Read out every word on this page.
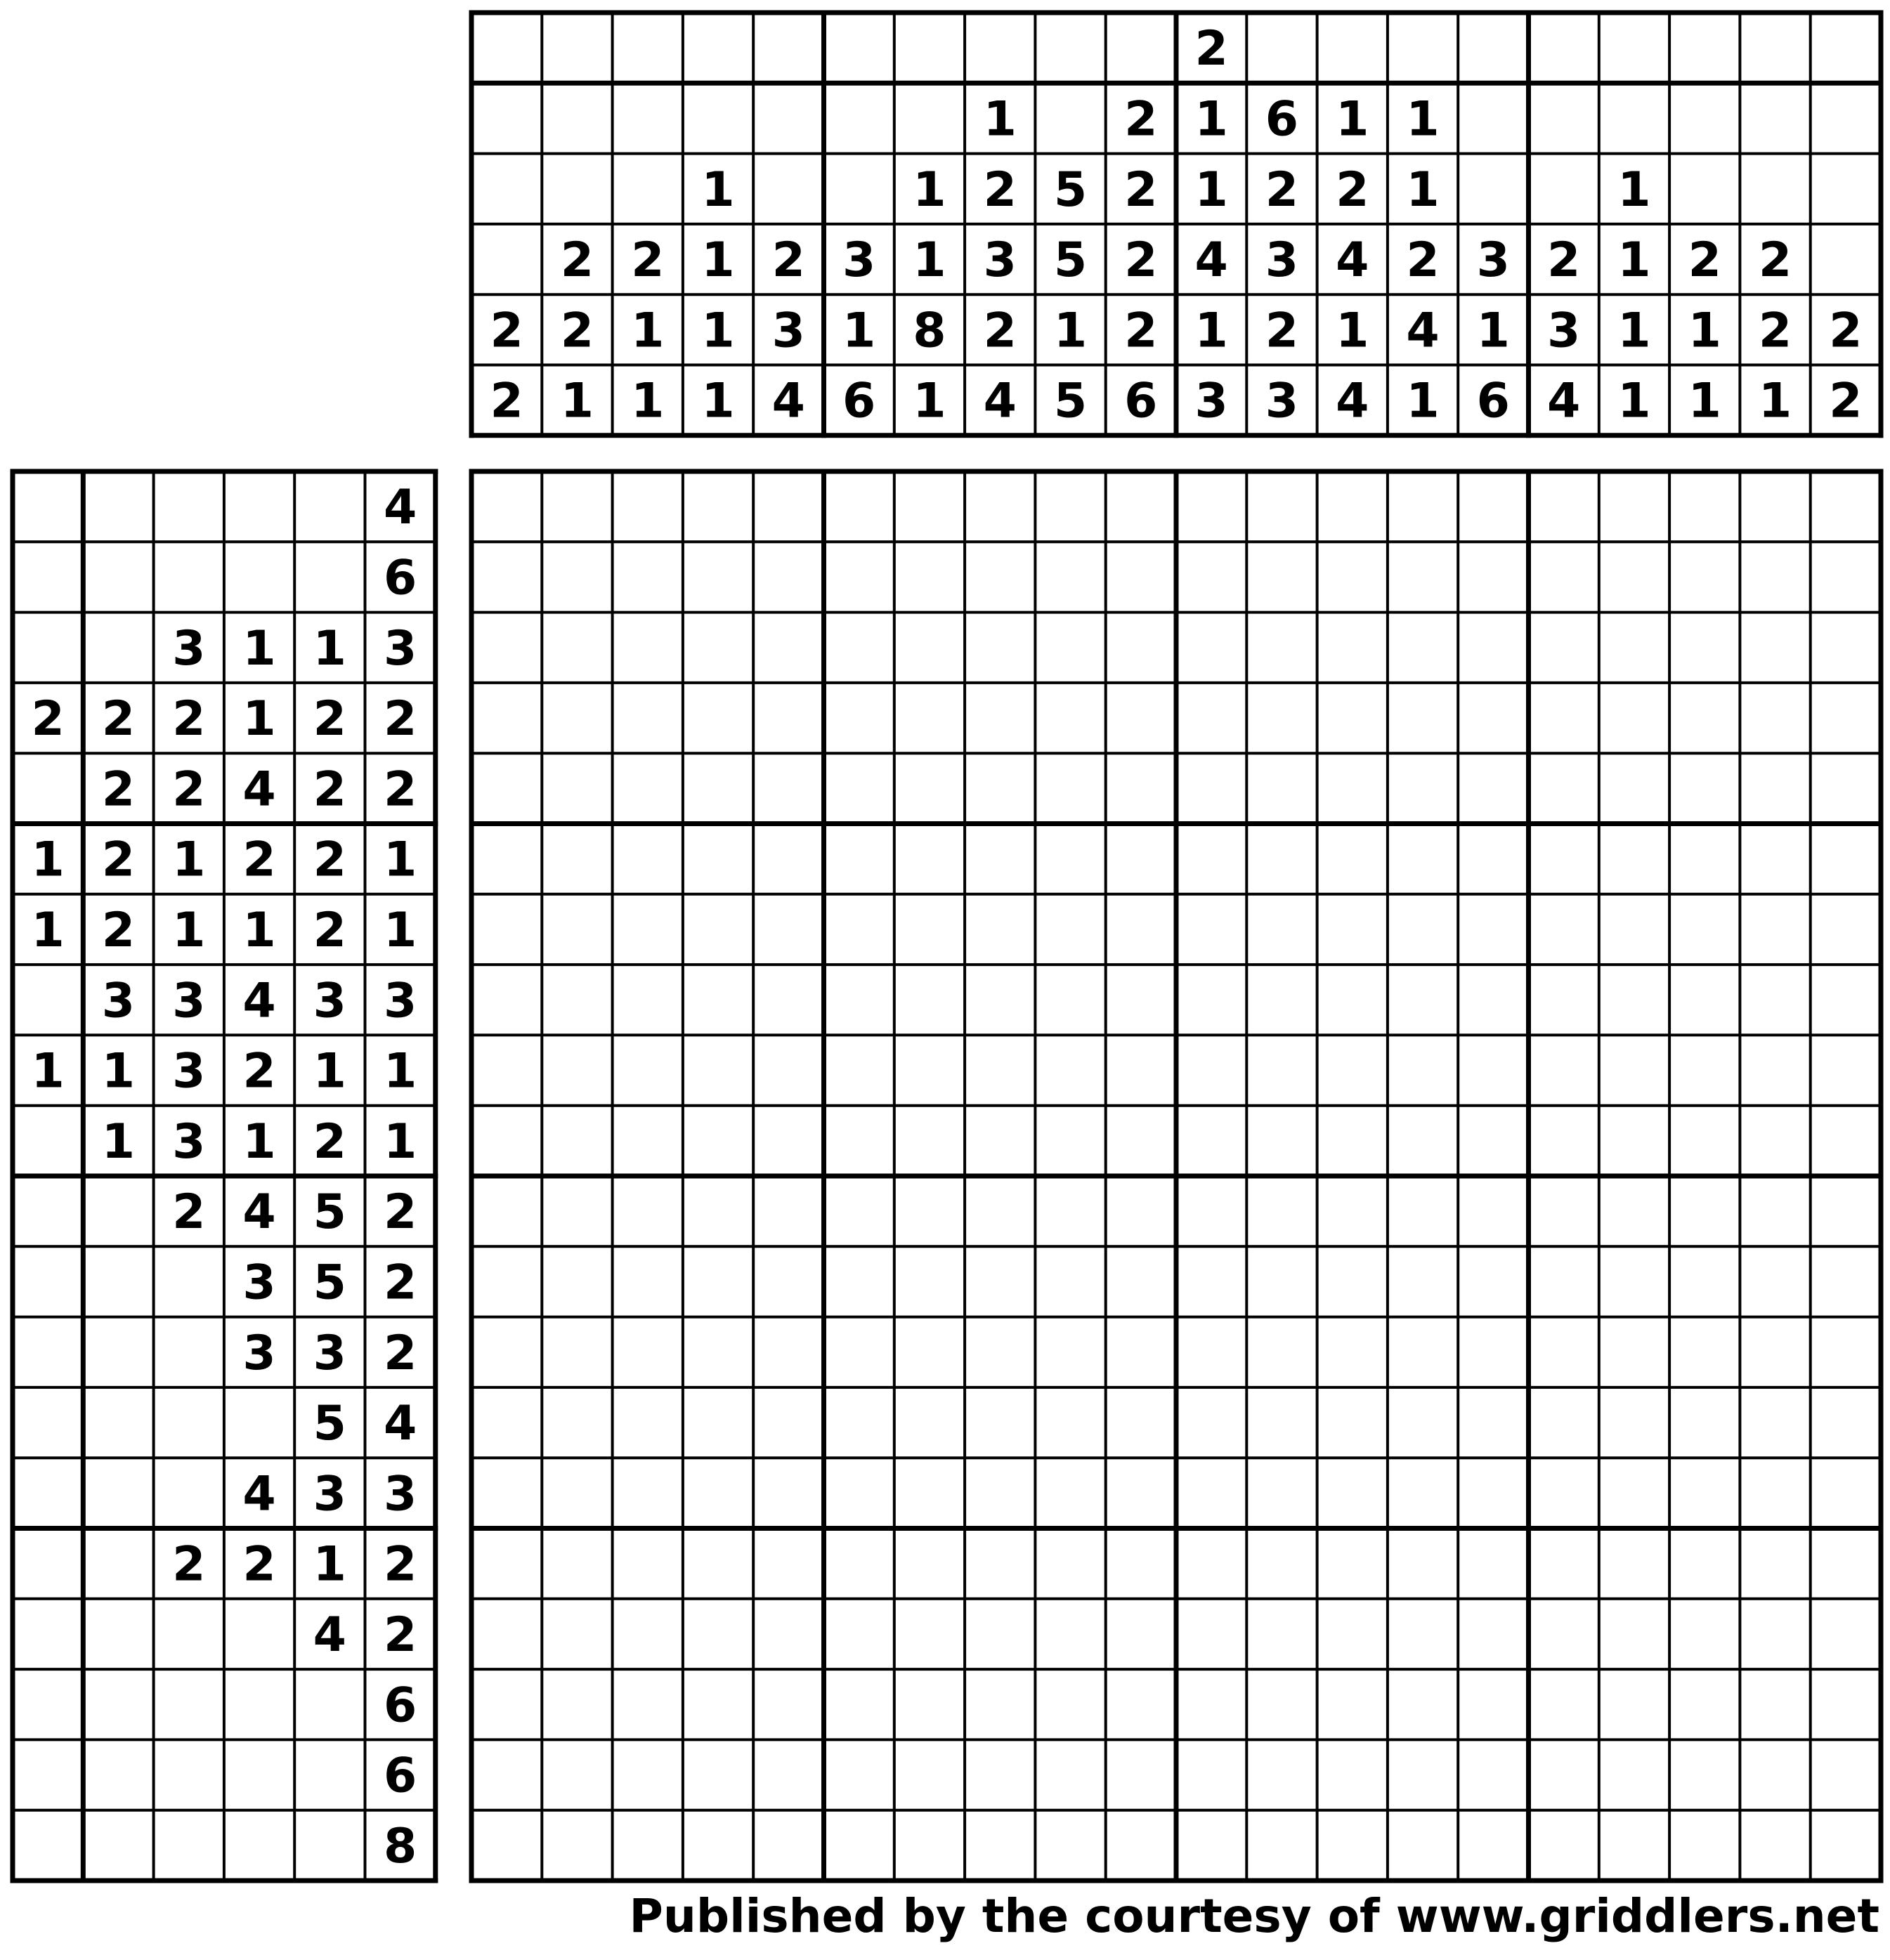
2
2
2
2
1
2
1
1
1
1
1
1
2
3
4
3
1
6
1
1
8
1
1
2
3
2
4
5
5
1
5
2
2
2
2
6
2
1
1
4
1
3
6
2
3
2
3
1
2
4
1
4
1
1
2
4
1
3
1
6
2
3
4
1
1
1
1
2
1
1
2
2
1
2
2
4
6
3 1 1 3
2 2 2 1 2 2
2 2 4 2 2
1 2 1 2 2 1
1 2 1 1 2 1
3 3 4 3 3
1 1 3 2 1 1
1 3 1 2 1
2 4 5 2
3 5 2
3 3 2
5 4
4 3 3
2 2 1 2
4 2
6
6
8
Published by the courtesy of www.griddlers.net
